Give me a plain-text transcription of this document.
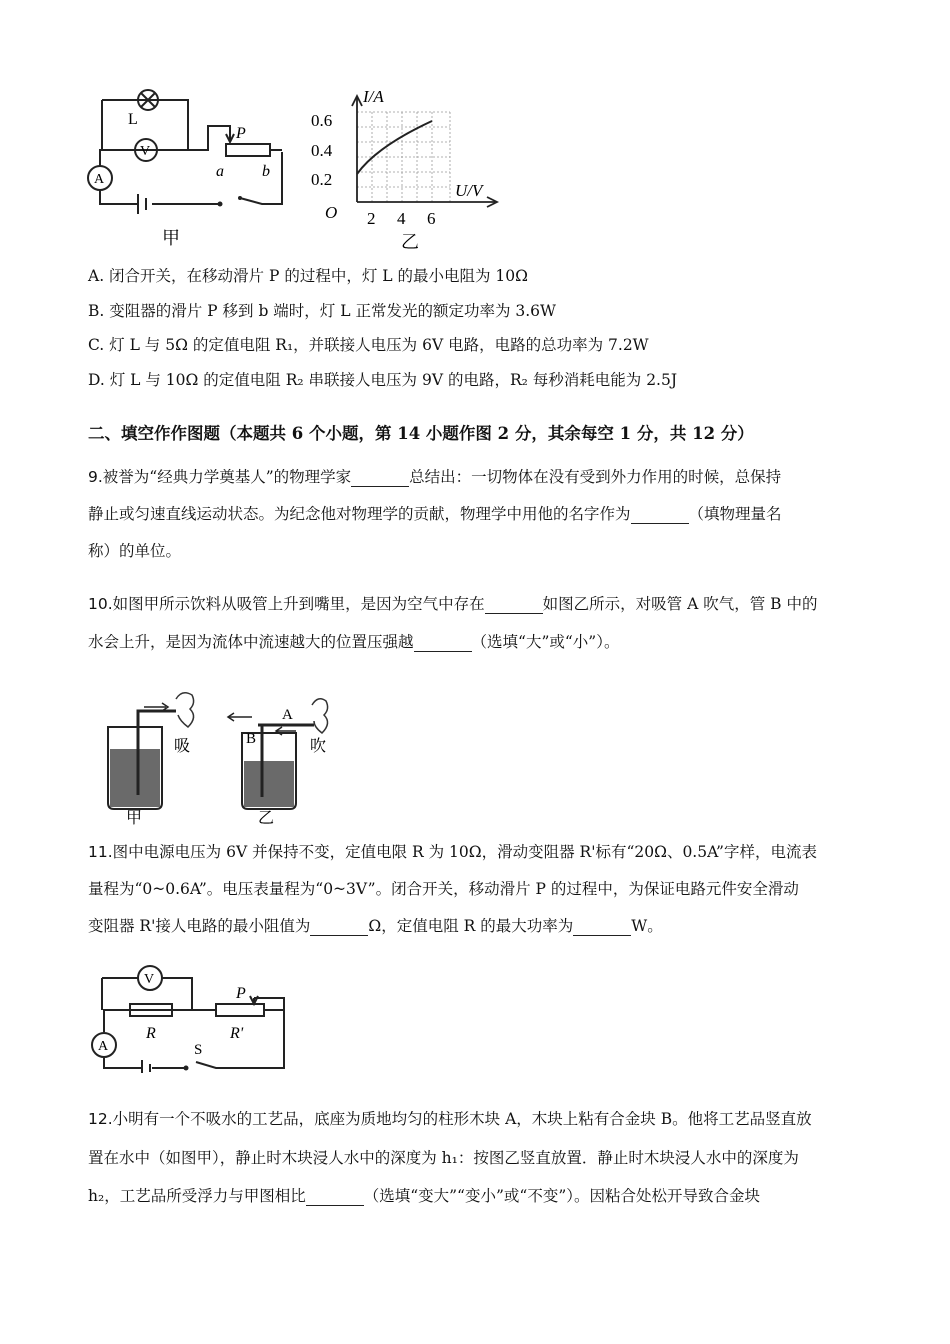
L
V
A
P
a b
甲
I/A
U/V
O
0.6
0.4
0.2
2 4 6
乙
A. 闭合开关，在移动滑片 P 的过程中，灯 L 的最小电阻为 10Ω
B. 变阻器的滑片 P 移到 b 端时，灯 L 正常发光的额定功率为 3.6W
C. 灯 L 与 5Ω 的定值电阻 R₁，并联接人电压为 6V 电路，电路的总功率为 7.2W
D. 灯 L 与 10Ω 的定值电阻 R₂ 串联接人电压为 9V 的电路，R₂ 每秒消耗电能为 2.5J
二、填空作作图题（本题共 6 个小题，第 14 小题作图 2 分，其余每空 1 分，共 12 分）
9.被誉为“经典力学奠基人”的物理学家	总结出：一切物体在没有受到外力作用的时候，总保持
静止或匀速直线运动状态。为纪念他对物理学的贡献，物理学中用他的名字作为	（填物理量名
称）的单位。
10.如图甲所示饮料从吸管上升到嘴里，是因为空气中存在	如图乙所示，对吸管 A 吹气，管 B 中的
水会上升，是因为流体中流速越大的位置压强越	（选填“大”或“小”）。
吸
甲
A
B	吹
乙
11.图中电源电压为 6V 并保持不变，定值电限 R 为 10Ω，滑动变阻器 R'标有“20Ω、0.5A”字样，电流表
量程为“0~0.6A”。电压表量程为“0~3V”。闭合开关，移动滑片 P 的过程中，为保证电路元件安全滑动
变阻器 R'接人电路的最小阻值为	Ω，定值电阻 R 的最大功率为	W。
V
A
R	R'
P
S
12.小明有一个不吸水的工艺品，底座为质地均匀的柱形木块 A，木块上粘有合金块 B。他将工艺品竖直放
置在水中（如图甲），静止时木块浸人水中的深度为 h₁：按图乙竖直放置．静止时木块浸人水中的深度为
h₂，工艺品所受浮力与甲图相比	（选填“变大”“变小”或“不变”）。因粘合处松开导致合金块
